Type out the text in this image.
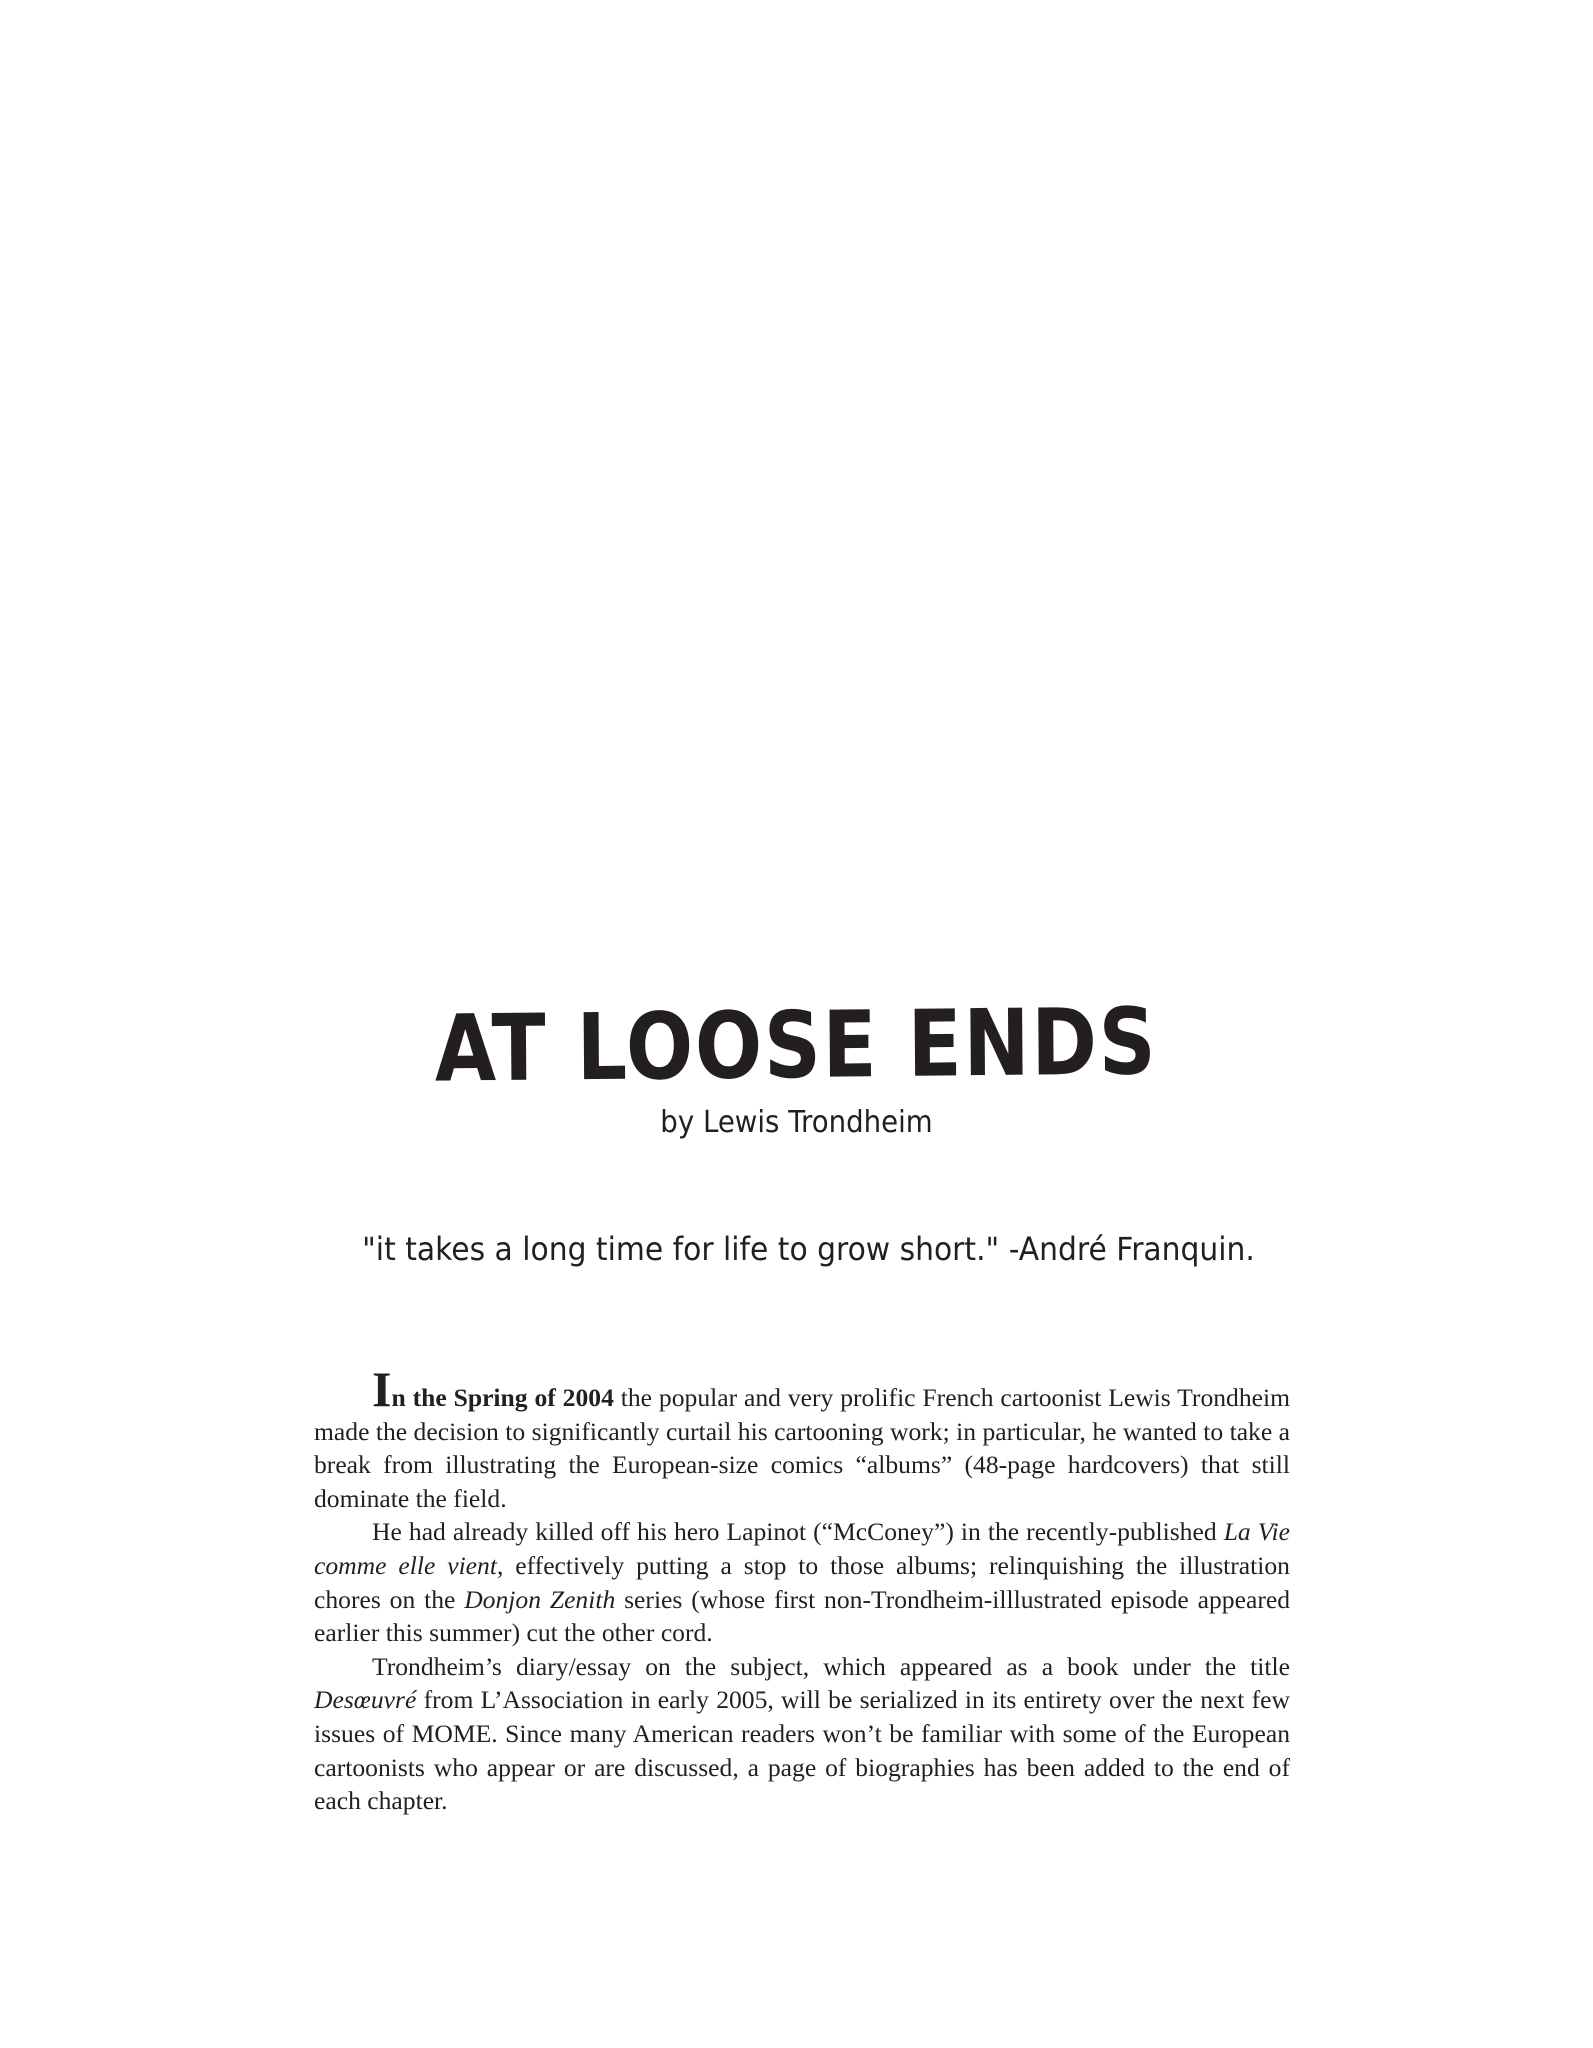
AT LOOSE ENDS
by Lewis Trondheim
"it takes a long time for life to grow short." -André Franquin.

In the Spring of 2004 the popular and very prolific French cartoonist Lewis Trondheim made the decision to significantly curtail his cartooning work; in particular, he wanted to take a break from illustrating the European-size comics “albums” (48-page hardcovers) that still dominate the field.

He had already killed off his hero Lapinot (“McConey”) in the recently-published La Vie comme elle vient, effectively putting a stop to those albums; relinquishing the illustration chores on the Donjon Zenith series (whose first non-Trondheim-illlustrated episode appeared earlier this summer) cut the other cord.

Trondheim’s diary/essay on the subject, which appeared as a book under the title Desœuvré from L’Association in early 2005, will be serialized in its entirety over the next few issues of MOME. Since many American readers won’t be familiar with some of the European cartoonists who appear or are discussed, a page of biographies has been added to the end of each chapter.
